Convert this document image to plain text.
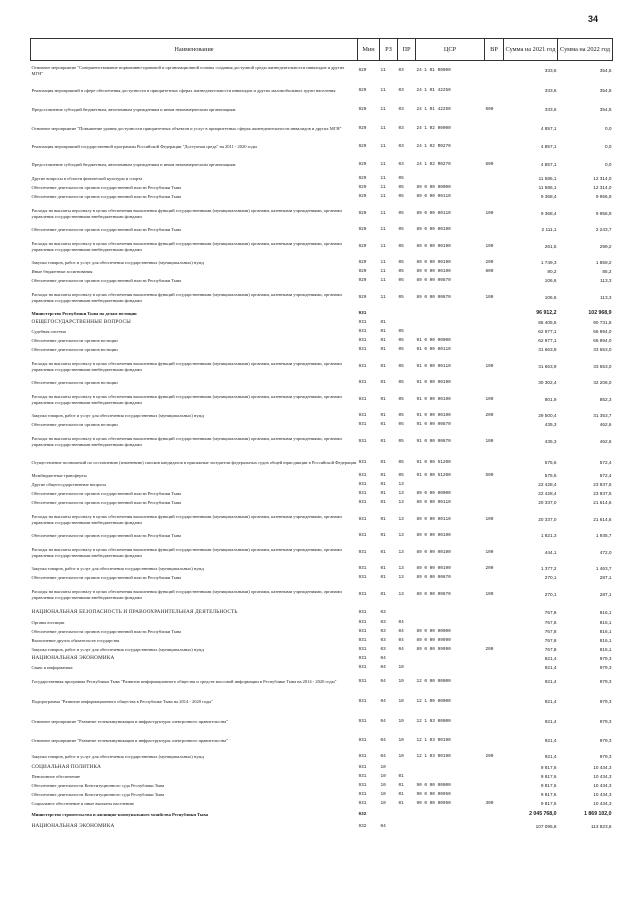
34
Наименование	Мин	РЗ	ПР	ЦСР	ВР	Сумма на 2021 год	Сумма на 2022 год
Основное мероприятие "Совершенствование нормативно-правовой и организационной основы создания доступной среды жизнедеятельности инвалидов и других МГН"	929	11	03	24 1 01 00000		333,6	354,5
Реализация мероприятий в сфере обеспечения доступности в приоритетных сферах жизнедеятельности инвалидов и других маломобильных групп населения	929	11	03	24 1 01 42250		333,6	354,5
Предоставление субсидий бюджетным, автономным учреждениям и иным некоммерческим организациям	929	11	03	24 1 01 42250	600	333,6	354,5
Основное мероприятие "Повышение уровня доступности приоритетных объектов и услуг в приоритетных сферах жизнедеятельности инвалидов и других МГН"	929	11	03	24 1 02 00000		4 857,1	0,0
Реализация мероприятий государственной программы Российской Федерации "Доступная среда" на 2011 - 2020 годы	929	11	03	24 1 02 R0270		4 857,1	0,0
Предоставление субсидий бюджетным, автономным учреждениям и иным некоммерческим организациям	929	11	03	24 1 02 R0270	600	4 857,1	0,0
Другие вопросы в области физической культуры и спорта	929	11	05			11 586,1	12 314,0
Обеспечение деятельности органов государственной власти Республики Тыва	929	11	05	89 0 00 00000		11 586,1	12 314,0
Обеспечение деятельности органов государственной власти Республики Тыва	929	11	05	89 0 00 00110		9 368,4	9 956,9
Расходы на выплаты персоналу в целях обеспечения выполнения функций государственными (муниципальными) органами, казенными учреждениями, органами управления государственными внебюджетными фондами	929	11	05	89 0 00 00110	100	9 368,4	9 956,9
Обеспечение деятельности органов государственной власти Республики Тыва	929	11	05	89 0 00 00190		2 111,1	2 243,7
Расходы на выплаты персоналу в целях обеспечения выполнения функций государственными (муниципальными) органами, казенными учреждениями, органами управления государственными внебюджетными фондами	929	11	05	89 0 00 00190	100	261,5	299,2
Закупка товаров, работ и услуг для обеспечения государственных (муниципальных) нужд	929	11	05	89 0 00 00190	200	1 749,3	1 859,2
Иные бюджетные ассигнования	929	11	05	89 0 00 00190	800	80,2	85,2
Обеспечение деятельности органов государственной власти Республики Тыва	929	11	05	89 0 00 00870		106,6	113,3
Расходы на выплаты персоналу в целях обеспечения выполнения функций государственными (муниципальными) органами, казенными учреждениями, органами управления государственными внебюджетными фондами	929	11	05	89 0 00 00870	100	106,6	113,3
Министерство Республики Тыва по делам юстиции	931					96 912,2	102 968,9
ОБЩЕГОСУДАРСТВЕННЫЕ ВОПРОСЫ	931	01				85 405,5	90 731,5
Судебная система	931	01	05			62 977,1	66 894,0
Обеспечение деятельности органов юстиции	931	01	05	91 0 00 00000		62 977,1	66 894,0
Обеспечение деятельности органов юстиции	931	01	05	91 0 00 00110		31 663,9	33 653,0
Расходы на выплаты персоналу в целях обеспечения выполнения функций государственными (муниципальными) органами, казенными учреждениями, органами управления государственными внебюджетными фондами	931	01	05	91 0 00 00110	100	31 663,9	33 653,0
Обеспечение деятельности органов юстиции	931	01	05	91 0 00 00190		30 302,4	32 206,0
Расходы на выплаты персоналу в целях обеспечения выполнения функций государственными (муниципальными) органами, казенными учреждениями, органами управления государственными внебюджетными фондами	931	01	05	91 0 00 00190	100	801,9	852,3
Закупка товаров, работ и услуг для обеспечения государственных (муниципальных) нужд	931	01	05	91 0 00 00190	200	29 500,4	31 353,7
Обеспечение деятельности органов юстиции	931	01	05	91 0 00 00870		435,3	462,6
Расходы на выплаты персоналу в целях обеспечения выполнения функций государственными (муниципальными) органами, казенными учреждениями, органами управления государственными внебюджетными фондами	931	01	05	91 0 00 00870	100	435,3	462,6
Осуществление полномочий по составлению (изменению) списков кандидатов в присяжные заседатели федеральных судов общей юрисдикции в Российской Федерации	931	01	05	91 0 00 51200		575,6	572,4
Межбюджетные трансферты	931	01	05	91 0 00 51200	500	575,6	572,4
Другие общегосударственные вопросы	931	01	13			22 428,4	23 837,5
Обеспечение деятельности органов государственной власти Республики Тыва	931	01	13	89 0 00 00000		22 428,4	23 837,5
Обеспечение деятельности органов государственной власти Республики Тыва	931	01	13	89 0 00 00110		20 337,0	21 614,6
Расходы на выплаты персоналу в целях обеспечения выполнения функций государственными (муниципальными) органами, казенными учреждениями, органами управления государственными внебюджетными фондами	931	01	13	89 0 00 00110	100	20 337,0	21 614,6
Обеспечение деятельности органов государственной власти Республики Тыва	931	01	13	89 0 00 00190		1 821,3	1 935,7
Расходы на выплаты персоналу в целях обеспечения выполнения функций государственными (муниципальными) органами, казенными учреждениями, органами управления государственными внебюджетными фондами	931	01	13	89 0 00 00190	100	444,1	472,0
Закупка товаров, работ и услуг для обеспечения государственных (муниципальных) нужд	931	01	13	89 0 00 00190	200	1 377,2	1 463,7
Обеспечение деятельности органов государственной власти Республики Тыва	931	01	13	89 0 00 00870		270,1	287,1
Расходы на выплаты персоналу в целях обеспечения выполнения функций государственными (муниципальными) органами, казенными учреждениями, органами управления государственными внебюджетными фондами	931	01	13	89 0 00 00870	100	270,1	287,1
НАЦИОНАЛЬНАЯ БЕЗОПАСНОСТЬ И ПРАВООХРАНИТЕЛЬНАЯ ДЕЯТЕЛЬНОСТЬ	931	03				767,8	816,1
Органы юстиции	931	03	04			767,8	816,1
Обеспечение деятельности органов государственной власти Республики Тыва	931	03	04	89 0 00 00000		767,8	816,1
Выполнение других обязательств государства	931	03	04	89 0 00 99990		767,8	816,1
Закупка товаров, работ и услуг для обеспечения государственных (муниципальных) нужд	931	03	04	89 0 00 99990	200	767,8	816,1
НАЦИОНАЛЬНАЯ ЭКОНОМИКА	931	04				921,4	979,3
Связь и информатика	931	04	10			921,4	979,3
Государственная программа Республики Тыва "Развитие информационного общества и средств массовой информации в Республике Тыва на 2014 - 2020 годы"	931	04	10	12 0 00 00000		921,4	979,3
Подпрограмма "Развитие информационного общества в Республике Тыва на 2014 - 2020 годы"	931	04	10	12 1 00 00000		921,4	979,3
Основное мероприятие "Развитие телекоммуникации и инфраструктуры электронного правительства"	931	04	10	12 1 03 00000		921,4	979,3
Основное мероприятие "Развитие телекоммуникации и инфраструктуры электронного правительства"	931	04	10	12 1 03 00190		921,4	979,3
Закупка товаров, работ и услуг для обеспечения государственных (муниципальных) нужд	931	04	10	12 1 03 00190	200	921,4	979,3
СОЦИАЛЬНАЯ ПОЛИТИКА	931	10				9 817,6	10 434,3
Пенсионное обеспечение	931	10	01			9 817,6	10 434,3
Обеспечение деятельности Конституционного суда Республики Тыва	931	10	01	90 0 00 00000		9 817,6	10 434,3
Обеспечение деятельности Конституционного суда Республики Тыва	931	10	01	90 0 00 00950		9 817,6	10 434,3
Социальное обеспечение и иные выплаты населению	931	10	01	90 0 00 00950	300	9 817,6	10 434,3
Министерство строительства и жилищно-коммунального хозяйства Республики Тыва	932					2 045 768,0	1 869 102,0
НАЦИОНАЛЬНАЯ ЭКОНОМИКА	932	04				107 095,8	113 823,6
